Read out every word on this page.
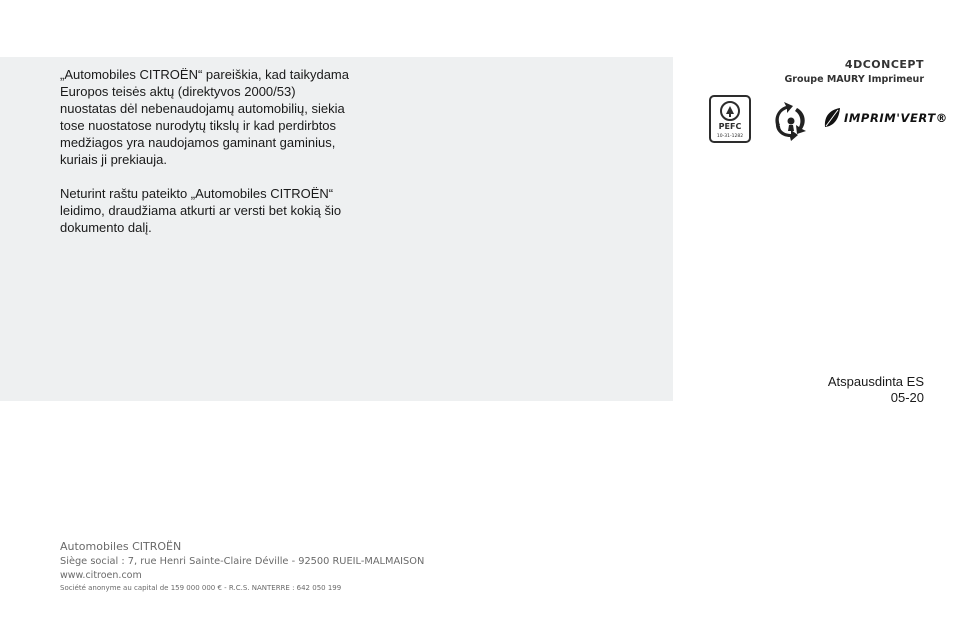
„Automobiles CITROËN“ pareiškia, kad taikydama Europos teisės aktų (direktyvos 2000/53) nuostatas dėl nebenaudojamų automobilių, siekia tose nuostatose nurodytų tikslų ir kad perdirbtos medžiagos yra naudojamos gaminant gaminius, kuriais ji prekiauja.

Neturint raštu pateikto „Automobiles CITROËN“ leidimo, draudžiama atkurti ar versti bet kokią šio dokumento dalį.

4DCONCEPT
Groupe MAURY Imprimeur
PEFC
10-31-1282
IMPRIM'VERT®
Atspausdinta ES
05-20
Automobiles CITROËN
Siège social : 7, rue Henri Sainte-Claire Déville - 92500 RUEIL-MALMAISON
www.citroen.com
Société anonyme au capital de 159 000 000 € - R.C.S. NANTERRE : 642 050 199
